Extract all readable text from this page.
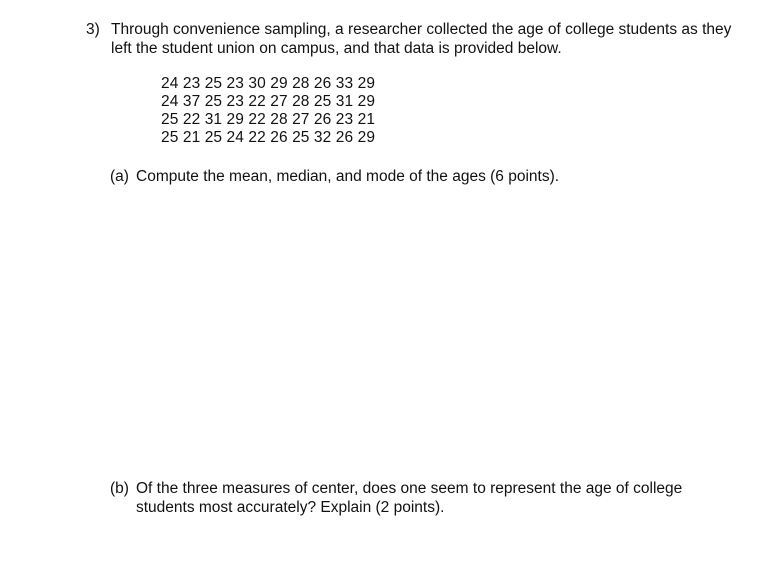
3) Through convenience sampling, a researcher collected the age of college students as they left the student union on campus, and that data is provided below.
24 23 25 23 30 29 28 26 33 29
24 37 25 23 22 27 28 25 31 29
25 22 31 29 22 28 27 26 23 21
25 21 25 24 22 26 25 32 26 29
(a) Compute the mean, median, and mode of the ages (6 points).
(b) Of the three measures of center, does one seem to represent the age of college students most accurately? Explain (2 points).
